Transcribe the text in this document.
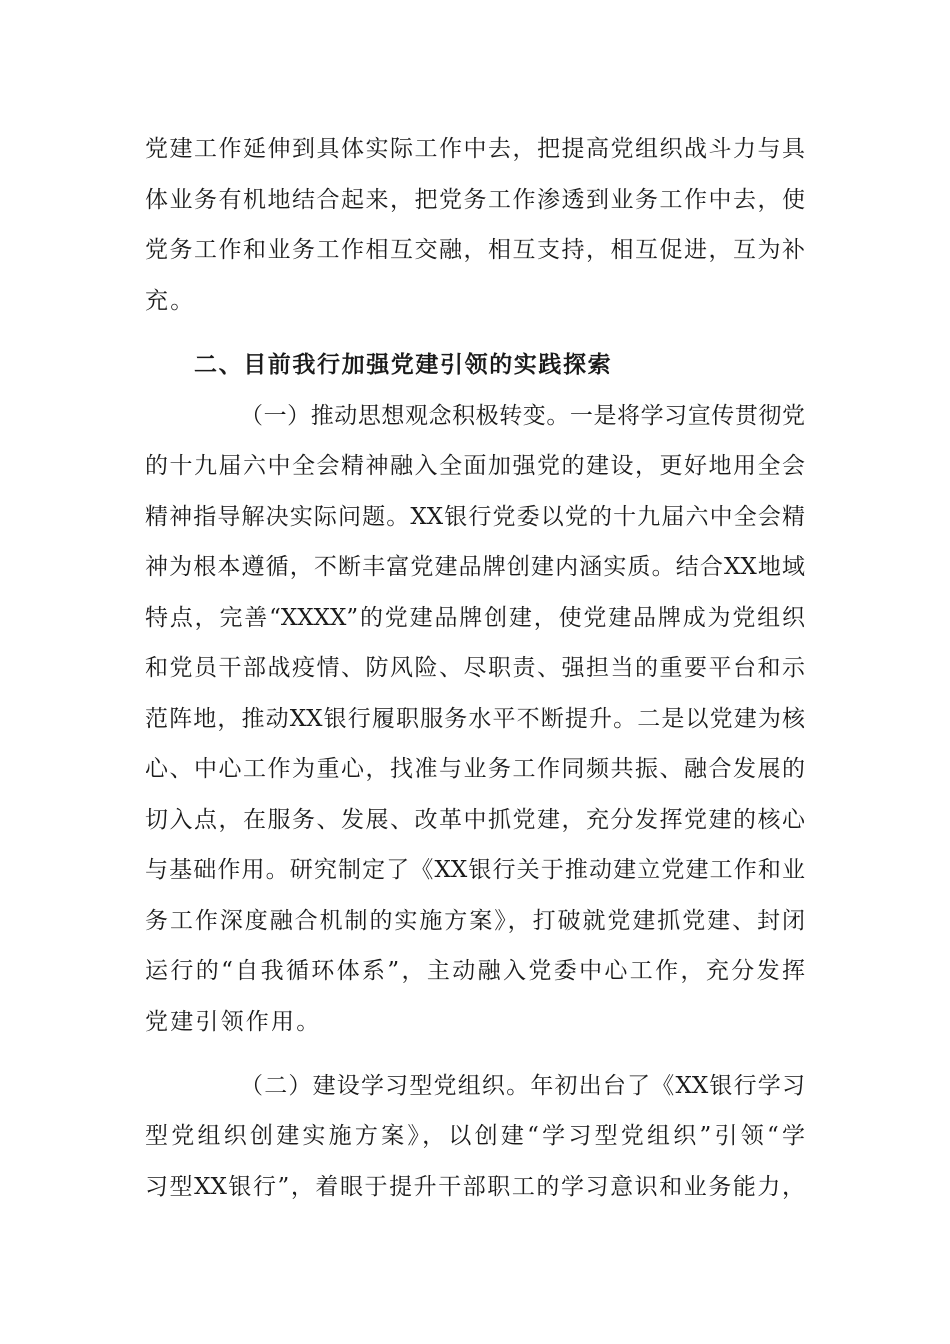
党建工作延伸到具体实际工作中去，把提高党组织战斗力与具
体业务有机地结合起来，把党务工作渗透到业务工作中去，使
党务工作和业务工作相互交融，相互支持，相互促进，互为补
充。
二、目前我行加强党建引领的实践探索
（一）推动思想观念积极转变。一是将学习宣传贯彻党
的十九届六中全会精神融入全面加强党的建设，更好地用全会
精神指导解决实际问题。XX银行党委以党的十九届六中全会精
神为根本遵循，不断丰富党建品牌创建内涵实质。结合XX地域
特点，完善“XXXX”的党建品牌创建，使党建品牌成为党组织
和党员干部战疫情、防风险、尽职责、强担当的重要平台和示
范阵地，推动XX银行履职服务水平不断提升。二是以党建为核
心、中心工作为重心，找准与业务工作同频共振、融合发展的
切入点，在服务、发展、改革中抓党建，充分发挥党建的核心
与基础作用。研究制定了《XX银行关于推动建立党建工作和业
务工作深度融合机制的实施方案》，打破就党建抓党建、封闭
运行的“自我循环体系”，主动融入党委中心工作，充分发挥
党建引领作用。
（二）建设学习型党组织。年初出台了《XX银行学习
型党组织创建实施方案》，以创建“学习型党组织”引领“学
习型XX银行”，着眼于提升干部职工的学习意识和业务能力，
